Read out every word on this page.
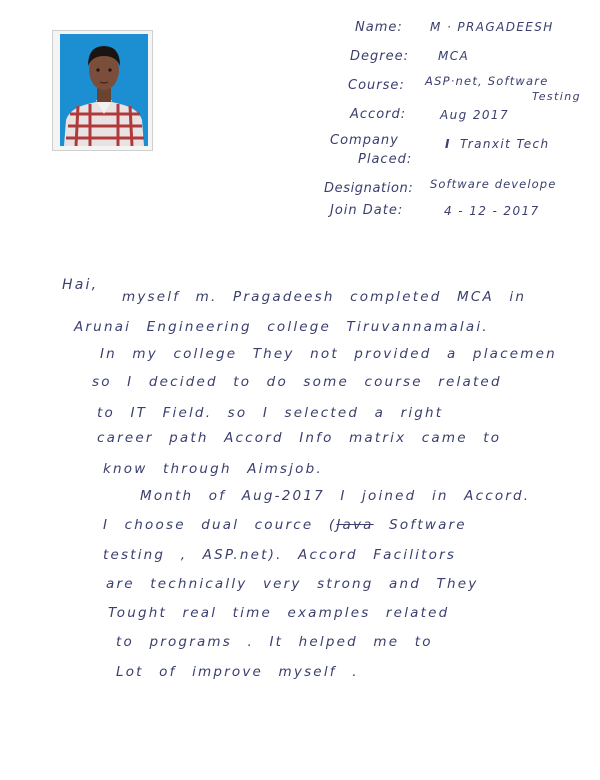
Name: M · PRAGADEESH
Degree: MCA
Course: ASP·net, Software
Testing
Accord:	Aug 2017
Company
Placed:
I Tranxit Tech
Designation: Software develope
Join Date:	4 - 12 - 2017
Hai,
myself m. Pragadeesh completed MCA in
Arunai Engineering college Tiruvannamalai.
In my college They not provided a placemen
so I decided to do some course related
to IT Field. so I selected a right
career path Accord Info matrix came to
know through Aimsjob.
Month of Aug-2017 I joined in Accord.
I choose dual cource (Java Software
testing , ASP.net). Accord Facilitors
are technically very strong and They
Tought real time examples related
to programs . It helped me to
Lot of improve myself .
